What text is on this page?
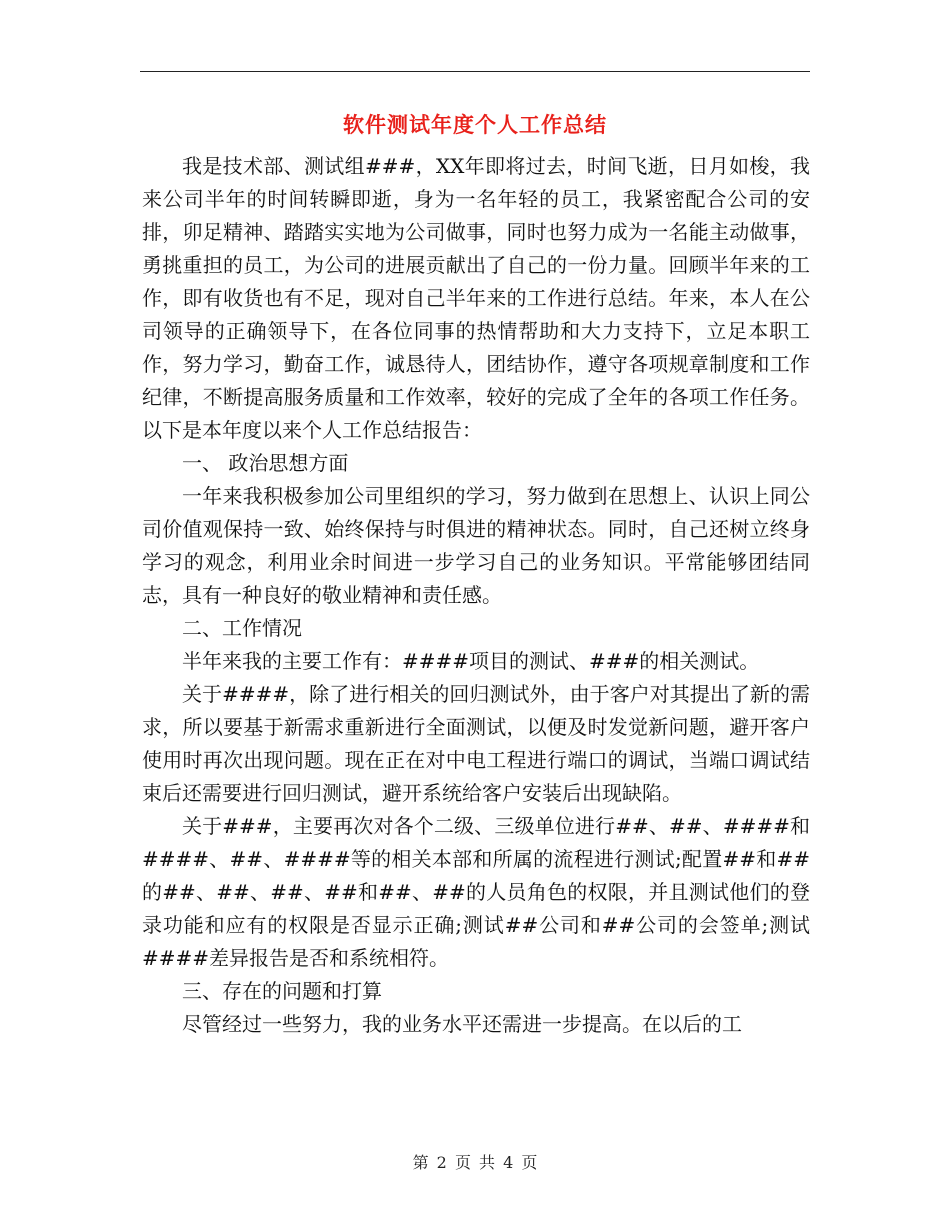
软件测试年度个人工作总结

我是技术部、测试组###，XX年即将过去，时间飞逝，日月如梭，我来公司半年的时间转瞬即逝，身为一名年轻的员工，我紧密配合公司的安排，卯足精神、踏踏实实地为公司做事，同时也努力成为一名能主动做事，勇挑重担的员工，为公司的进展贡献出了自己的一份力量。回顾半年来的工作，即有收货也有不足，现对自己半年来的工作进行总结。年来，本人在公司领导的正确领导下，在各位同事的热情帮助和大力支持下，立足本职工作，努力学习，勤奋工作，诚恳待人，团结协作，遵守各项规章制度和工作纪律，不断提高服务质量和工作效率，较好的完成了全年的各项工作任务。以下是本年度以来个人工作总结报告：

一、 政治思想方面

一年来我积极参加公司里组织的学习，努力做到在思想上、认识上同公司价值观保持一致、始终保持与时俱进的精神状态。同时，自己还树立终身学习的观念，利用业余时间进一步学习自己的业务知识。平常能够团结同志，具有一种良好的敬业精神和责任感。

二、工作情况

半年来我的主要工作有：####项目的测试、###的相关测试。

关于####，除了进行相关的回归测试外，由于客户对其提出了新的需求，所以要基于新需求重新进行全面测试，以便及时发觉新问题，避开客户使用时再次出现问题。现在正在对中电工程进行端口的调试，当端口调试结束后还需要进行回归测试，避开系统给客户安装后出现缺陷。

关于###，主要再次对各个二级、三级单位进行##、##、####和####、##、####等的相关本部和所属的流程进行测试;配置##和##的##、##、##、##和##、##的人员角色的权限，并且测试他们的登录功能和应有的权限是否显示正确;测试##公司和##公司的会签单;测试####差异报告是否和系统相符。

三、存在的问题和打算

尽管经过一些努力，我的业务水平还需进一步提高。在以后的工

第 2 页 共 4 页
